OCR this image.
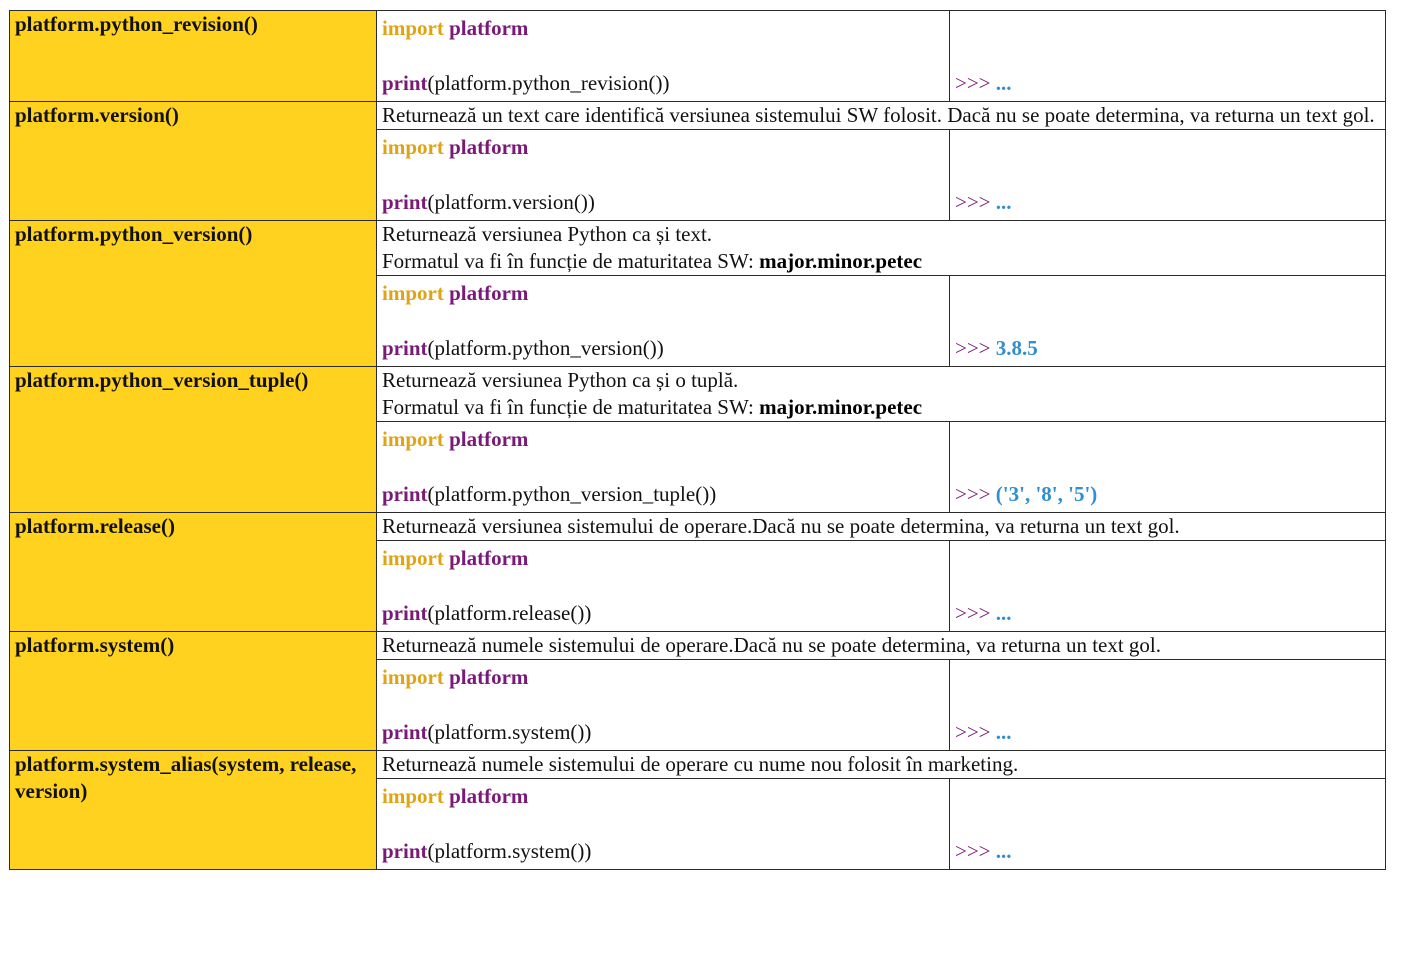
platform.python_revision()	import platform
print(platform.python_revision())	>>> ...

platform.version()	Returnează un text care identifică versiunea sistemului SW folosit. Dacă nu se poate determina, va returna un text gol.	

	import platform
print(platform.version())	>>> ...

platform.python_version()	Returnează versiunea Python ca și text.
Formatul va fi în funcție de maturitatea SW: major.minor.petec	

	import platform
print(platform.python_version())	>>> 3.8.5

platform.python_version_tuple()	Returnează versiunea Python ca și o tuplă.
Formatul va fi în funcție de maturitatea SW: major.minor.petec	

	import platform
print(platform.python_version_tuple())	>>> ('3', '8', '5')

platform.release()	Returnează versiunea sistemului de operare.Dacă nu se poate determina, va returna un text gol.	

	import platform
print(platform.release())	>>> ...

platform.system()	Returnează numele sistemului de operare.Dacă nu se poate determina, va returna un text gol.	

	import platform
print(platform.system())	>>> ...

platform.system_alias(system, release, version)	Returnează numele sistemului de operare cu nume nou folosit în marketing.	

	import platform
print(platform.system())	>>> ...
